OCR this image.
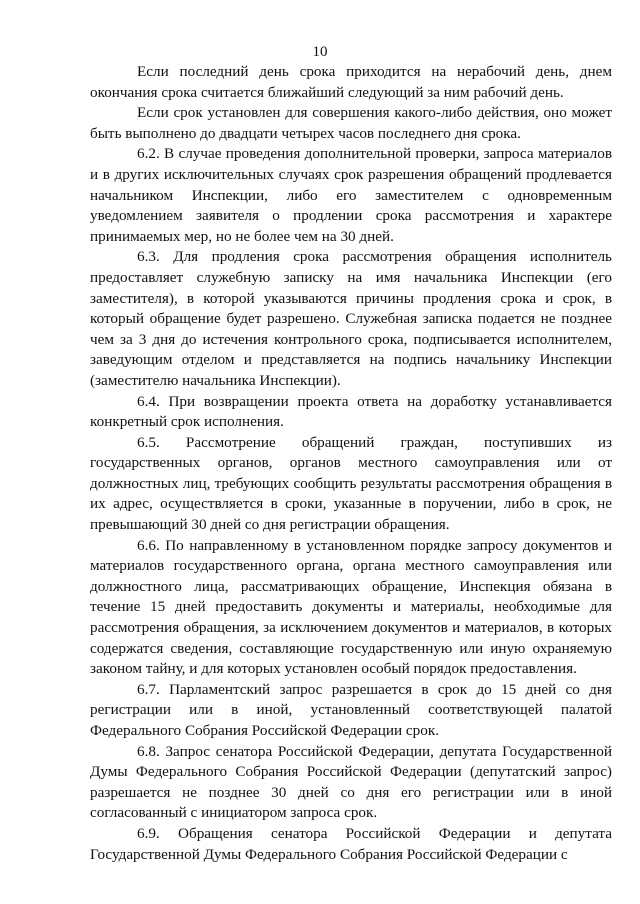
10

Если последний день срока приходится на нерабочий день, днем окончания срока считается ближайший следующий за ним рабочий день.

Если срок установлен для совершения какого-либо действия, оно может быть выполнено до двадцати четырех часов последнего дня срока.

6.2. В случае проведения дополнительной проверки, запроса материалов и в других исключительных случаях срок разрешения обращений продлевается начальником Инспекции, либо его заместителем с одновременным уведомлением заявителя о продлении срока рассмотрения и характере принимаемых мер, но не более чем на 30 дней.

6.3. Для продления срока рассмотрения обращения исполнитель предоставляет служебную записку на имя начальника Инспекции (его заместителя), в которой указываются причины продления срока и срок, в который обращение будет разрешено. Служебная записка подается не позднее чем за 3 дня до истечения контрольного срока, подписывается исполнителем, заведующим отделом и представляется на подпись начальнику Инспекции (заместителю начальника Инспекции).

6.4. При возвращении проекта ответа на доработку устанавливается конкретный срок исполнения.

6.5. Рассмотрение обращений граждан, поступивших из государственных органов, органов местного самоуправления или от должностных лиц, требующих сообщить результаты рассмотрения обращения в их адрес, осуществляется в сроки, указанные в поручении, либо в срок, не превышающий 30 дней со дня регистрации обращения.

6.6. По направленному в установленном порядке запросу документов и материалов государственного органа, органа местного самоуправления или должностного лица, рассматривающих обращение, Инспекция обязана в течение 15 дней предоставить документы и материалы, необходимые для рассмотрения обращения, за исключением документов и материалов, в которых содержатся сведения, составляющие государственную или иную охраняемую законом тайну, и для которых установлен особый порядок предоставления.

6.7. Парламентский запрос разрешается в срок до 15 дней со дня регистрации или в иной, установленный соответствующей палатой Федерального Собрания Российской Федерации срок.

6.8. Запрос сенатора Российской Федерации, депутата Государственной Думы Федерального Собрания Российской Федерации (депутатский запрос) разрешается не позднее 30 дней со дня его регистрации или в иной согласованный с инициатором запроса срок.

6.9. Обращения сенатора Российской Федерации и депутата Государственной Думы Федерального Собрания Российской Федерации с
